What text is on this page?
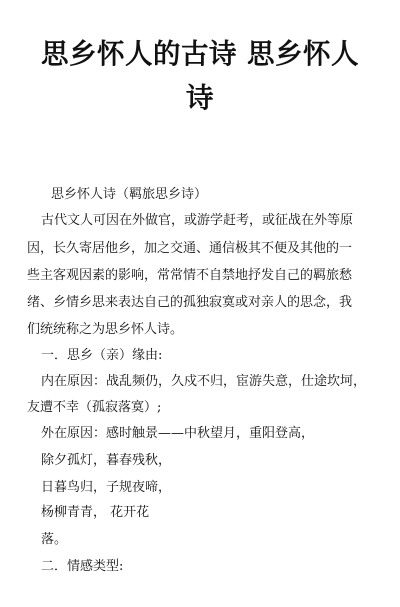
思乡怀人的古诗 思乡怀人
诗
思乡怀人诗（羁旅思乡诗）
古代文人可因在外做官，或游学赶考，或征战在外等原
因，长久寄居他乡，加之交通、通信极其不便及其他的一
些主客观因素的影响，常常情不自禁地抒发自己的羁旅愁
绪、乡情乡思来表达自己的孤独寂寞或对亲人的思念，我
们统统称之为思乡怀人诗。
一．思乡（亲）缘由:
内在原因：战乱频仍，久戍不归，宦游失意，仕途坎坷，
友遭不幸（孤寂落寞）;
外在原因：感时触景——中秋望月，重阳登高，
除夕孤灯，暮春残秋，
日暮鸟归，子规夜啼，
杨柳青青， 花开花
落。
二．情感类型:
